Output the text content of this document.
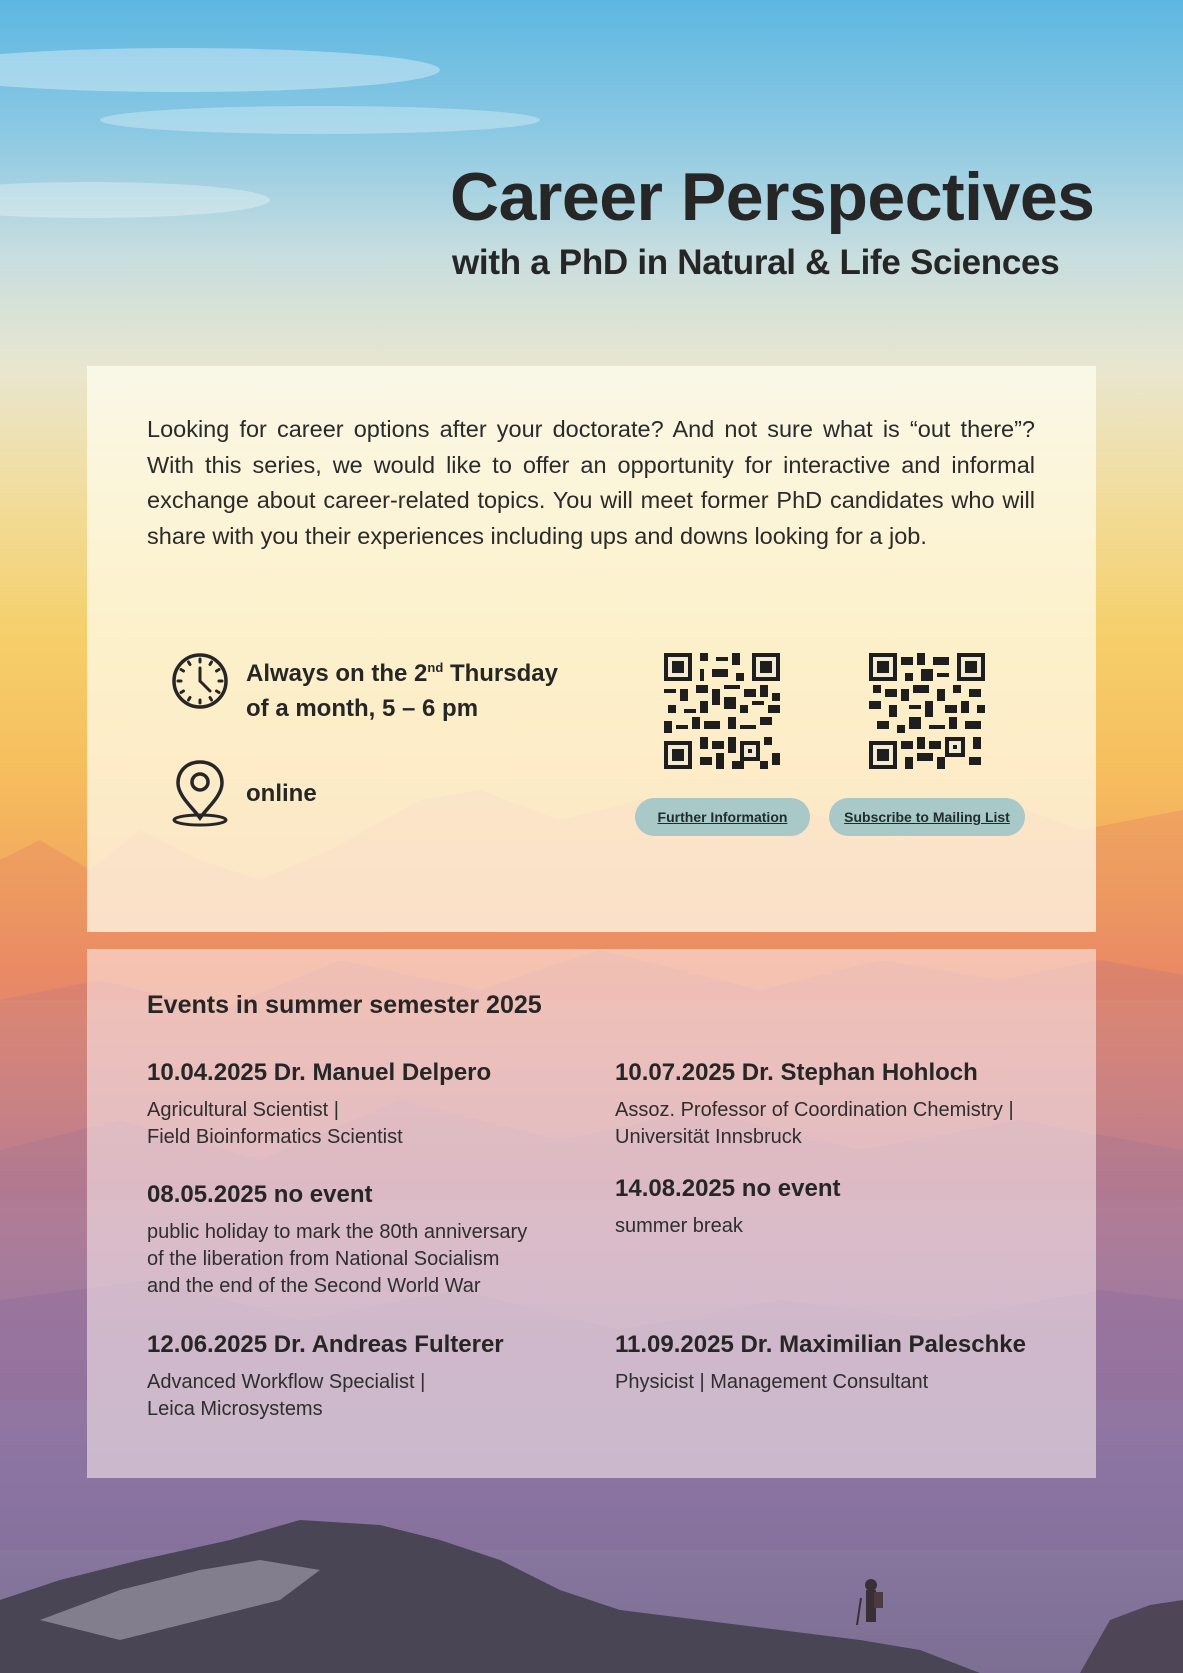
Career Perspectives
with a PhD in Natural & Life Sciences

Looking for career options after your doctorate? And not sure what is “out there”? With this series, we would like to offer an opportunity for interactive and informal exchange about career-related topics. You will meet former PhD candidates who will share with you their experiences including ups and downs looking for a job.

Always on the 2nd Thursday
of a month, 5 – 6 pm
online
Further Information	Subscribe to Mailing List
Events in summer semester 2025

10.04.2025 Dr. Manuel Delpero

Agricultural Scientist |
Field Bioinformatics Scientist

10.07.2025 Dr. Stephan Hohloch

Assoz. Professor of Coordination Chemistry |
Universität Innsbruck

08.05.2025 no event

public holiday to mark the 80th anniversary
of the liberation from National Socialism
and the end of the Second World War

14.08.2025 no event

summer break

12.06.2025 Dr. Andreas Fulterer

Advanced Workflow Specialist |
Leica Microsystems

11.09.2025 Dr. Maximilian Paleschke

Physicist | Management Consultant
